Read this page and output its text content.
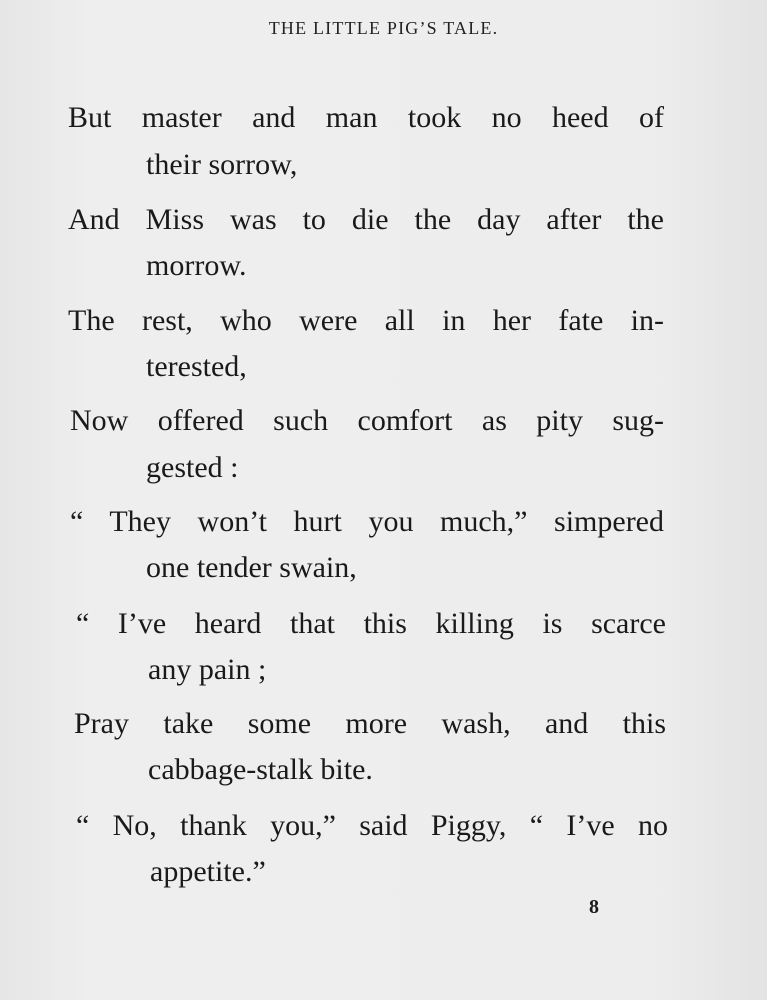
THE LITTLE PIG’S TALE.
But master and man took no heed of
their sorrow,
And Miss was to die the day after the
morrow.
The rest, who were all in her fate in-
terested,
Now offered such comfort as pity sug-
gested :
“ They won’t hurt you much,” simpered
one tender swain,
“ I’ve heard that this killing is scarce
any pain ;
Pray take some more wash, and this
cabbage-stalk bite.
“ No, thank you,” said Piggy, “ I’ve no
appetite.”
8
